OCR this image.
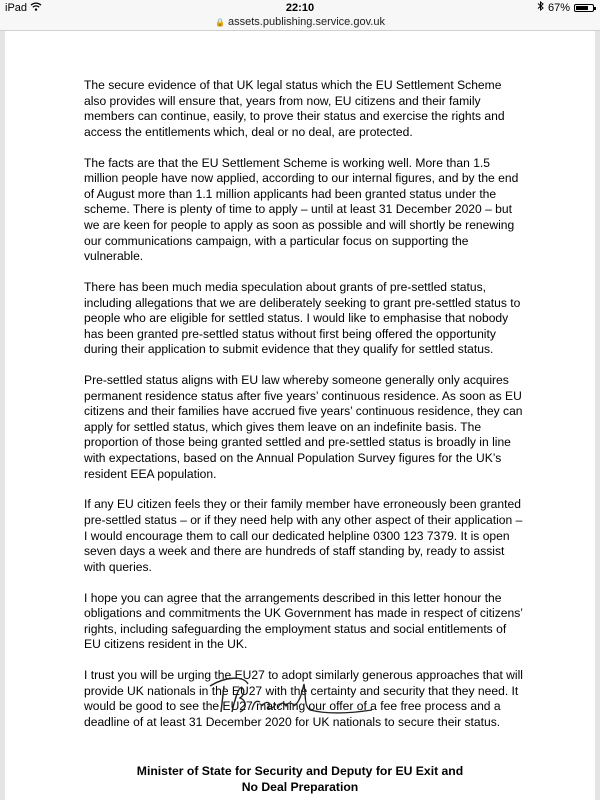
iPad	22:10	67%
🔒 assets.publishing.service.gov.uk

The secure evidence of that UK legal status which the EU Settlement Scheme also provides will ensure that, years from now, EU citizens and their family members can continue, easily, to prove their status and exercise the rights and access the entitlements which, deal or no deal, are protected.

The facts are that the EU Settlement Scheme is working well. More than 1.5 million people have now applied, according to our internal figures, and by the end of August more than 1.1 million applicants had been granted status under the scheme. There is plenty of time to apply – until at least 31 December 2020 – but we are keen for people to apply as soon as possible and will shortly be renewing our communications campaign, with a particular focus on supporting the vulnerable.

There has been much media speculation about grants of pre-settled status, including allegations that we are deliberately seeking to grant pre-settled status to people who are eligible for settled status. I would like to emphasise that nobody has been granted pre-settled status without first being offered the opportunity during their application to submit evidence that they qualify for settled status.

Pre-settled status aligns with EU law whereby someone generally only acquires permanent residence status after five years’ continuous residence. As soon as EU citizens and their families have accrued five years’ continuous residence, they can apply for settled status, which gives them leave on an indefinite basis. The proportion of those being granted settled and pre-settled status is broadly in line with expectations, based on the Annual Population Survey figures for the UK’s resident EEA population.

If any EU citizen feels they or their family member have erroneously been granted pre-settled status – or if they need help with any other aspect of their application – I would encourage them to call our dedicated helpline 0300 123 7379. It is open seven days a week and there are hundreds of staff standing by, ready to assist with queries.

I hope you can agree that the arrangements described in this letter honour the obligations and commitments the UK Government has made in respect of citizens’ rights, including safeguarding the employment status and social entitlements of EU citizens resident in the UK.

I trust you will be urging the EU27 to adopt similarly generous approaches that will provide UK nationals in the EU27 with the certainty and security that they need. It would be good to see the EU27 matching our offer of a fee free process and a deadline of at least 31 December 2020 for UK nationals to secure their status.

Minister of State for Security and Deputy for EU Exit and
No Deal Preparation
